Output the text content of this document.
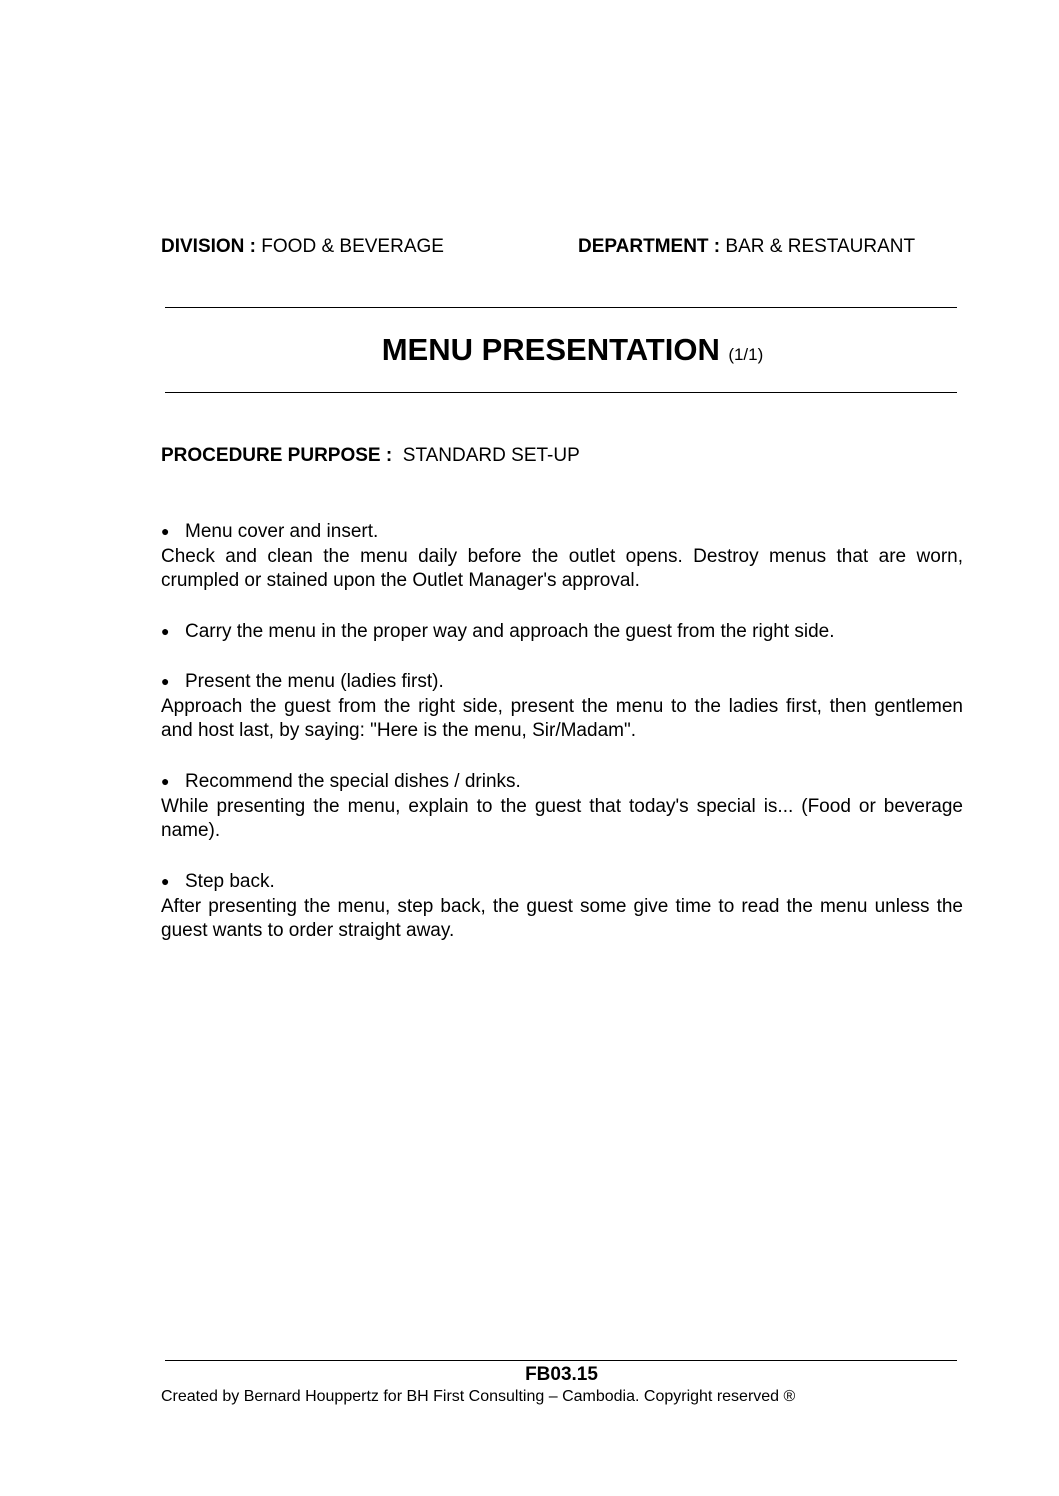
DIVISION : FOOD & BEVERAGE	DEPARTMENT : BAR & RESTAURANT
MENU PRESENTATION (1/1)
PROCEDURE PURPOSE : STANDARD SET-UP
● Menu cover and insert.
Check and clean the menu daily before the outlet opens. Destroy menus that are worn, crumpled or stained upon the Outlet Manager's approval.
● Carry the menu in the proper way and approach the guest from the right side.
● Present the menu (ladies first).
Approach the guest from the right side, present the menu to the ladies first, then gentlemen and host last, by saying: "Here is the menu, Sir/Madam".
● Recommend the special dishes / drinks.
While presenting the menu, explain to the guest that today's special is... (Food or beverage name).
● Step back.
After presenting the menu, step back, the guest some give time to read the menu unless the guest wants to order straight away.
FB03.15
Created by Bernard Houppertz for BH First Consulting – Cambodia. Copyright reserved ®
